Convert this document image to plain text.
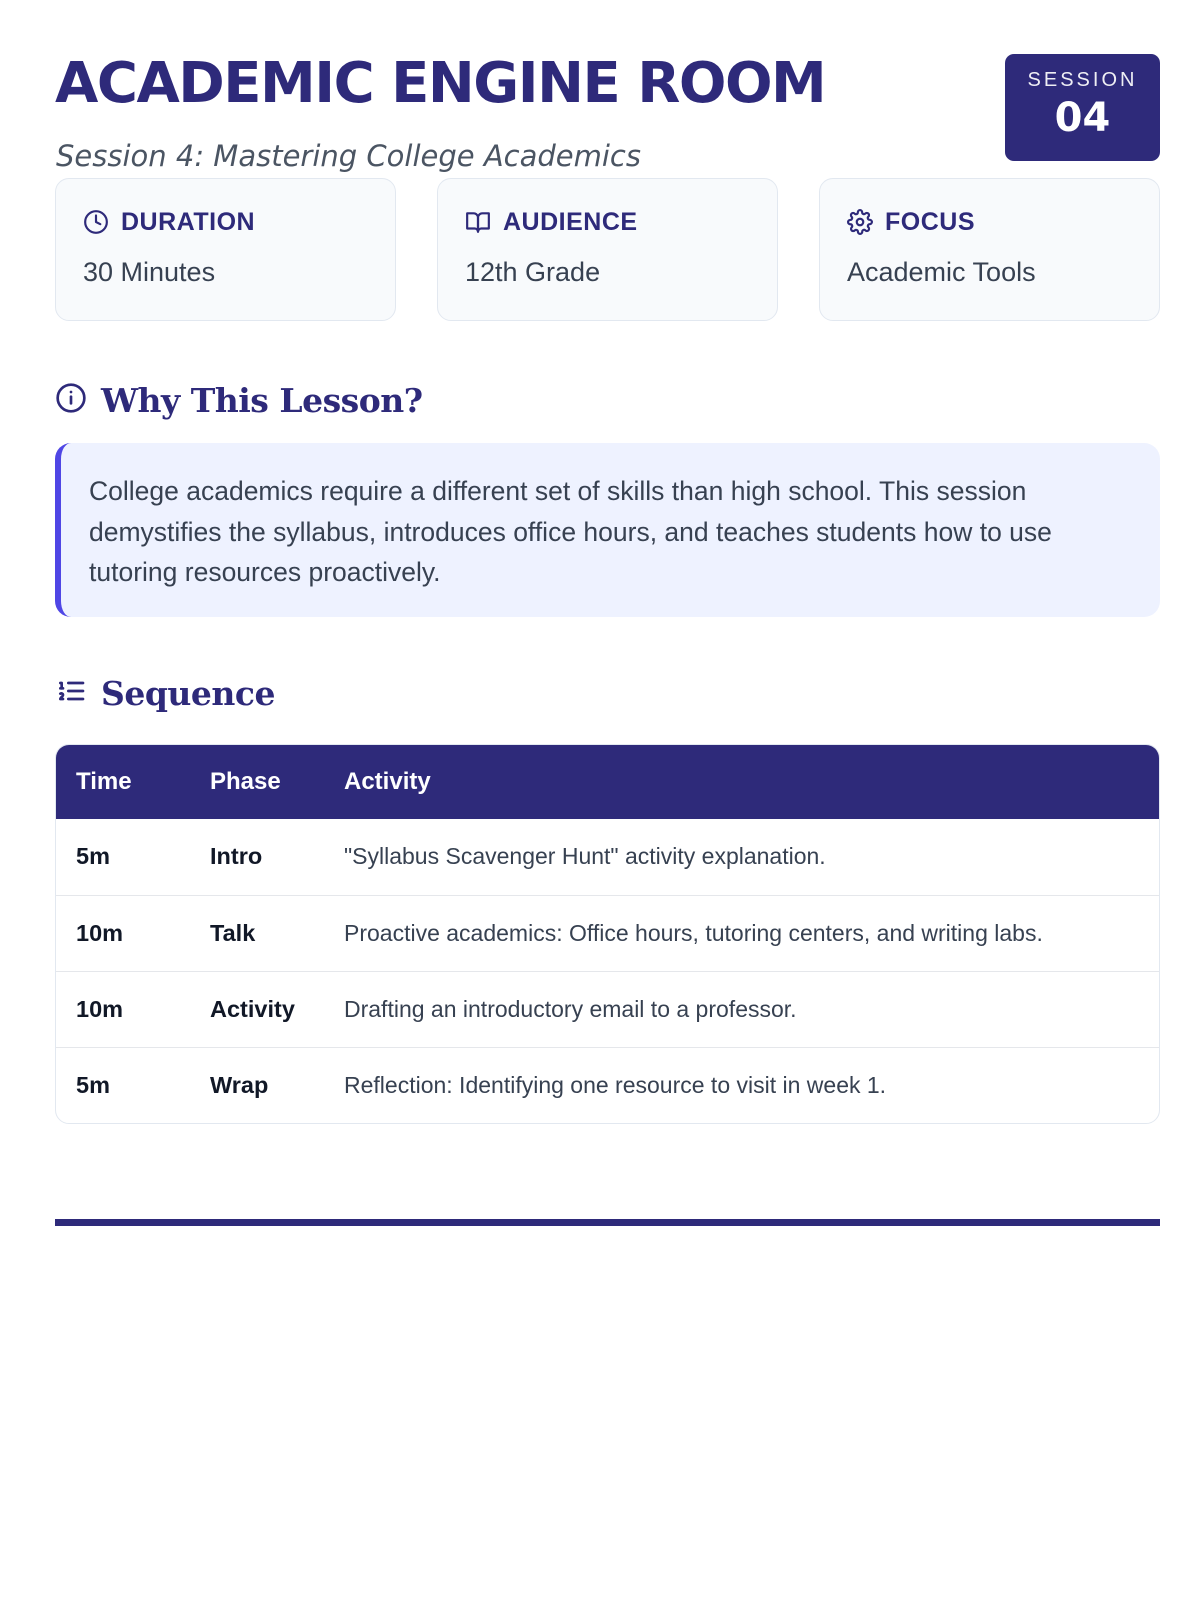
ACADEMIC ENGINE ROOM
Session 4: Mastering College Academics
SESSION
04
DURATION
30 Minutes
AUDIENCE
12th Grade
FOCUS
Academic Tools
Why This Lesson?

College academics require a different set of skills than high school. This session demystifies the syllabus, introduces office hours, and teaches students how to use tutoring resources proactively.

Sequence
Time	Phase	Activity
5m	Intro	"Syllabus Scavenger Hunt" activity explanation.
10m	Talk	Proactive academics: Office hours, tutoring centers, and writing labs.
10m	Activity	Drafting an introductory email to a professor.
5m	Wrap	Reflection: Identifying one resource to visit in week 1.
